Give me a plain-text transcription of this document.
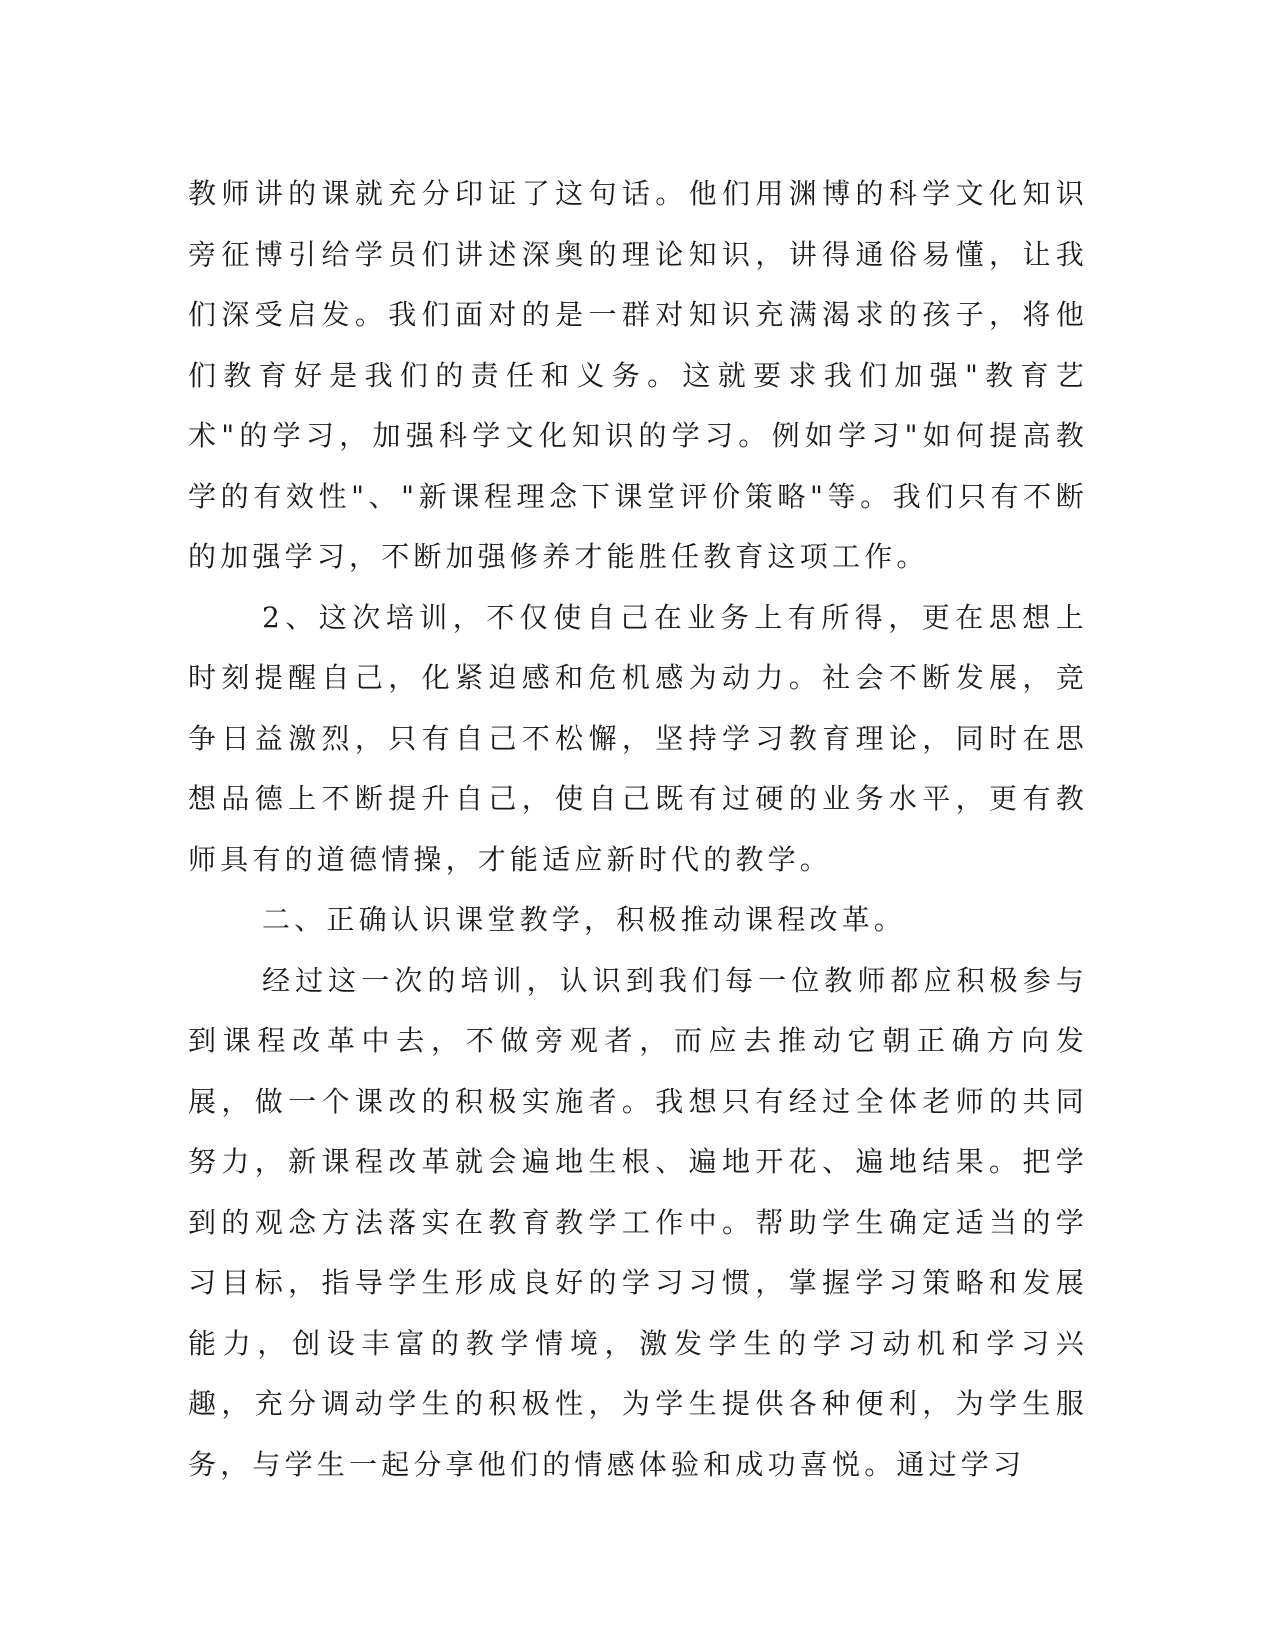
教师讲的课就充分印证了这句话。他们用渊博的科学文化知识旁征博引给学员们讲述深奥的理论知识，讲得通俗易懂，让我们深受启发。我们面对的是一群对知识充满渴求的孩子，将他们教育好是我们的责任和义务。这就要求我们加强"教育艺术"的学习，加强科学文化知识的学习。例如学习"如何提高教学的有效性"、"新课程理念下课堂评价策略"等。我们只有不断的加强学习，不断加强修养才能胜任教育这项工作。

2、这次培训，不仅使自己在业务上有所得，更在思想上时刻提醒自己，化紧迫感和危机感为动力。社会不断发展，竞争日益激烈，只有自己不松懈，坚持学习教育理论，同时在思想品德上不断提升自己，使自己既有过硬的业务水平，更有教师具有的道德情操，才能适应新时代的教学。

二、正确认识课堂教学，积极推动课程改革。

经过这一次的培训，认识到我们每一位教师都应积极参与到课程改革中去，不做旁观者，而应去推动它朝正确方向发展，做一个课改的积极实施者。我想只有经过全体老师的共同努力，新课程改革就会遍地生根、遍地开花、遍地结果。把学到的观念方法落实在教育教学工作中。帮助学生确定适当的学习目标，指导学生形成良好的学习习惯，掌握学习策略和发展能力，创设丰富的教学情境，激发学生的学习动机和学习兴趣，充分调动学生的积极性，为学生提供各种便利，为学生服务，与学生一起分享他们的情感体验和成功喜悦。通过学习
